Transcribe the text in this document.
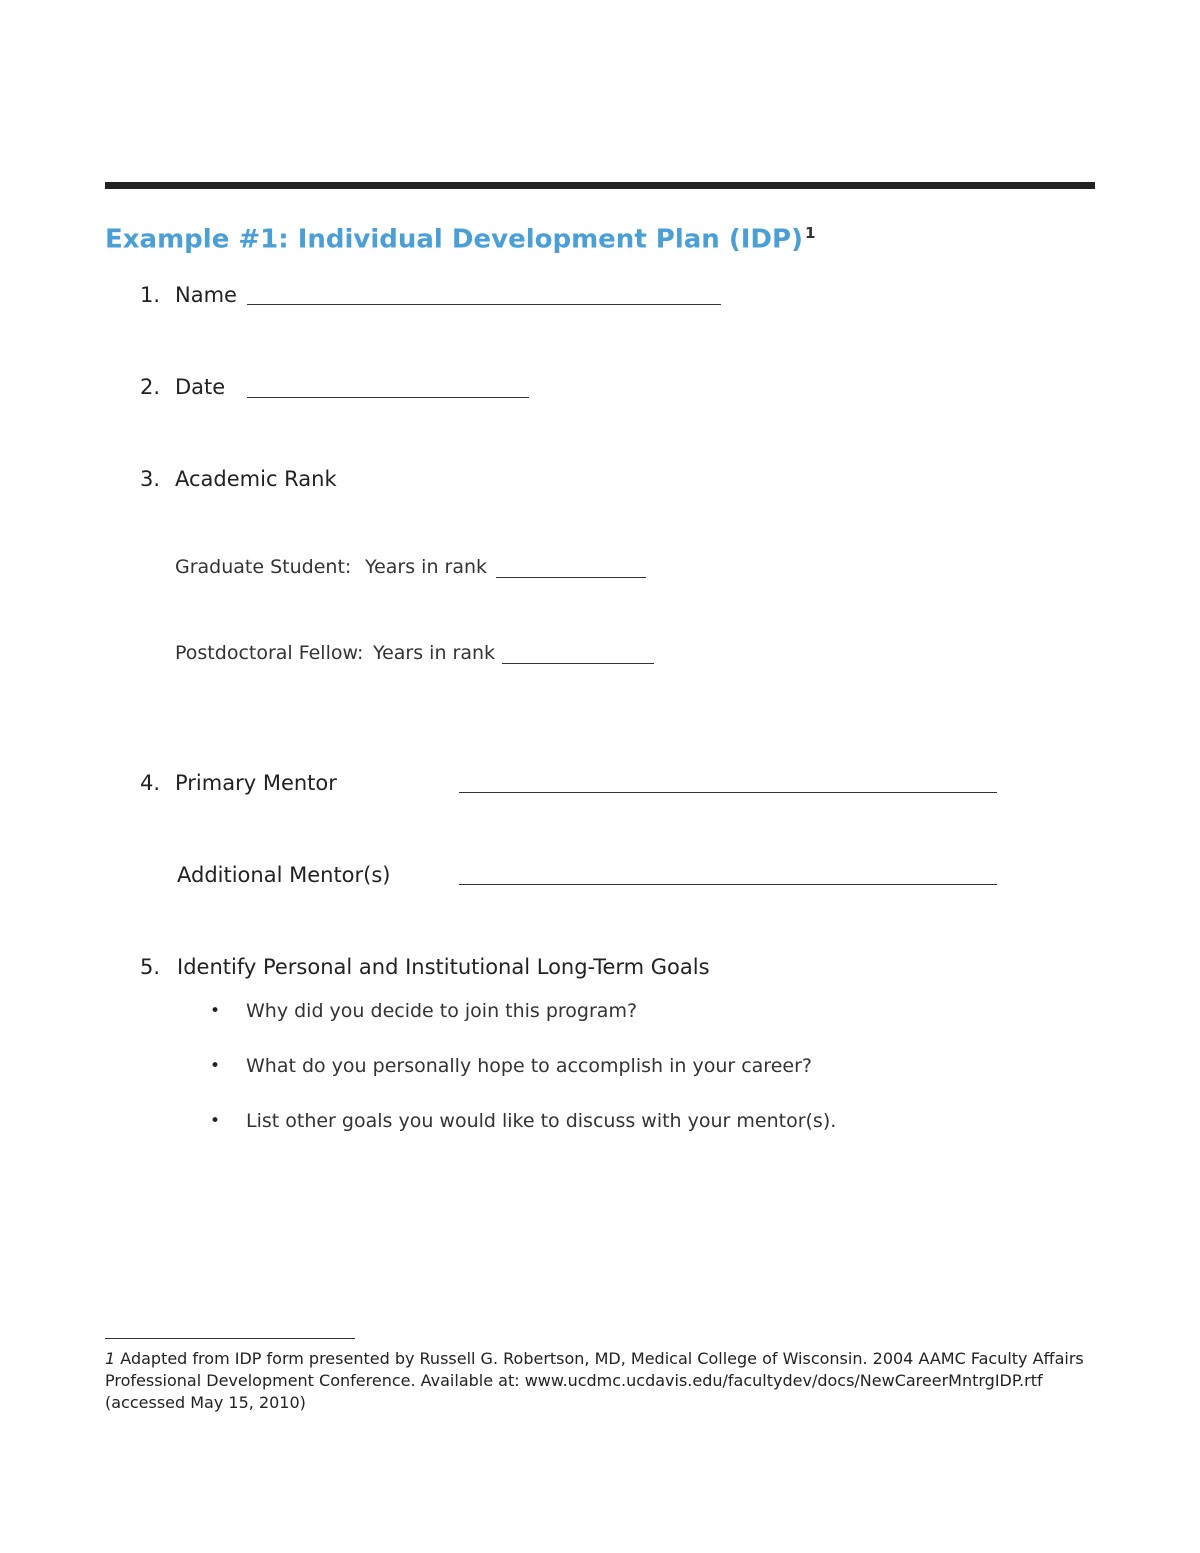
Example #1: Individual Development Plan (IDP) $^1$
1. Name
2. Date
3. Academic Rank
Graduate Student: Years in rank
Postdoctoral Fellow: Years in rank
4. Primary Mentor
Additional Mentor(s)
5. Identify Personal and Institutional Long-Term Goals
• Why did you decide to join this program?
• What do you personally hope to accomplish in your career?
• List other goals you would like to discuss with your mentor(s).
1 Adapted from IDP form presented by Russell G. Robertson, MD, Medical College of Wisconsin. 2004 AAMC Faculty Affairs Professional Development Conference. Available at: www.ucdmc.ucdavis.edu/facultydev/docs/NewCareerMntrgIDP.rtf (accessed May 15, 2010)
